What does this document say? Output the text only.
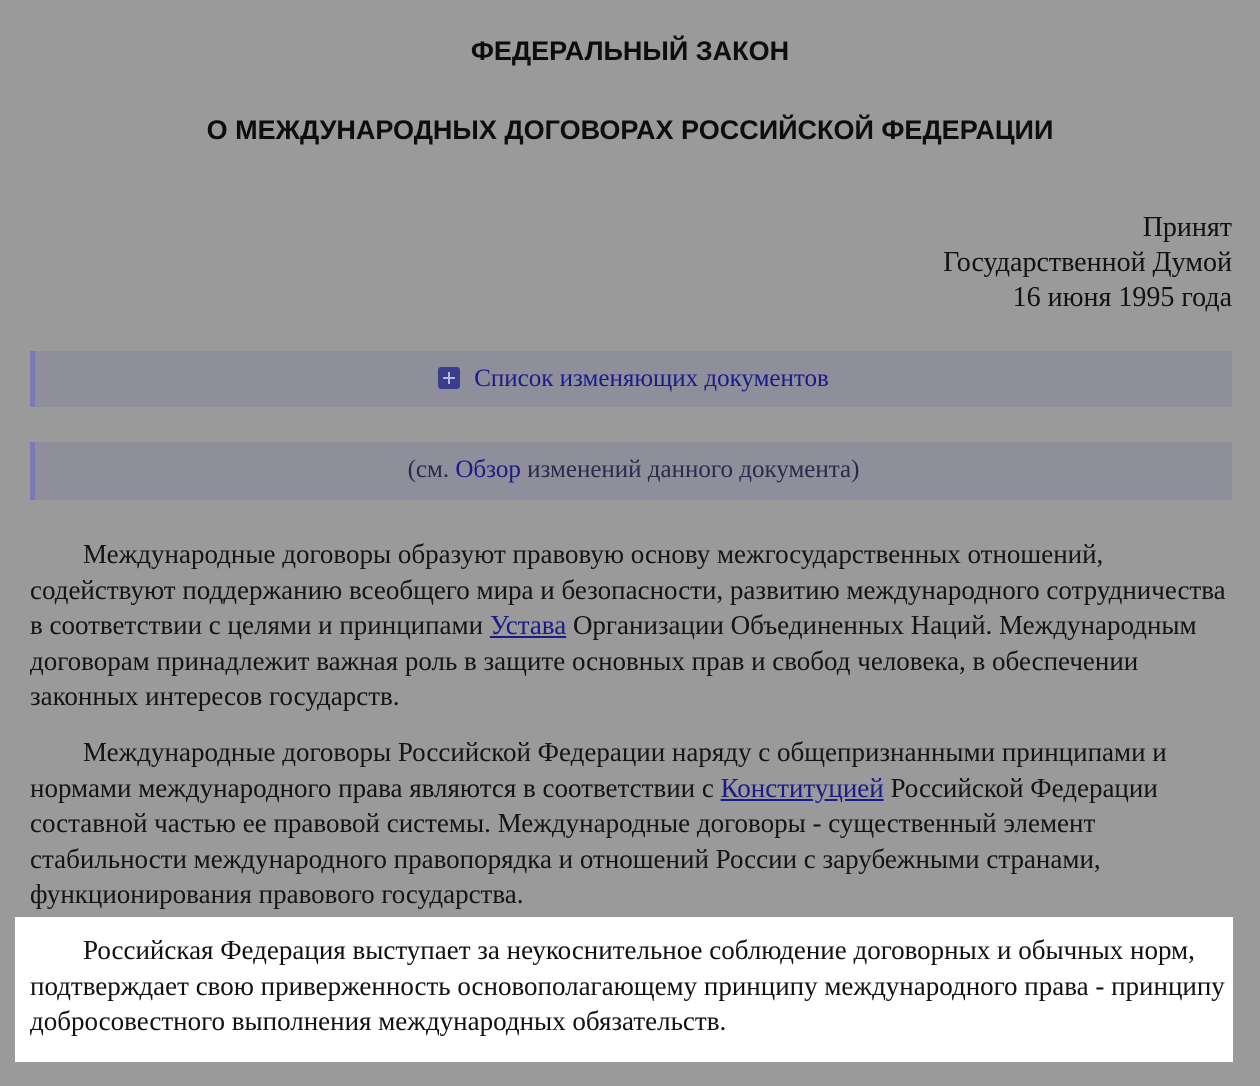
ФЕДЕРАЛЬНЫЙ ЗАКОН
О МЕЖДУНАРОДНЫХ ДОГОВОРАХ РОССИЙСКОЙ ФЕДЕРАЦИИ
Принят
Государственной Думой
16 июня 1995 года
Список изменяющих документов
(см. Обзор изменений данного документа)

Международные договоры образуют правовую основу межгосударственных отношений, содействуют поддержанию всеобщего мира и безопасности, развитию международного сотрудничества в соответствии с целями и принципами Устава Организации Объединенных Наций. Международным договорам принадлежит важная роль в защите основных прав и свобод человека, в обеспечении законных интересов государств.

Международные договоры Российской Федерации наряду с общепризнанными принципами и нормами международного права являются в соответствии с Конституцией Российской Федерации составной частью ее правовой системы. Международные договоры - существенный элемент стабильности международного правопорядка и отношений России с зарубежными странами, функционирования правового государства.

Российская Федерация выступает за неукоснительное соблюдение договорных и обычных норм, подтверждает свою приверженность основополагающему принципу международного права - принципу добросовестного выполнения международных обязательств.
